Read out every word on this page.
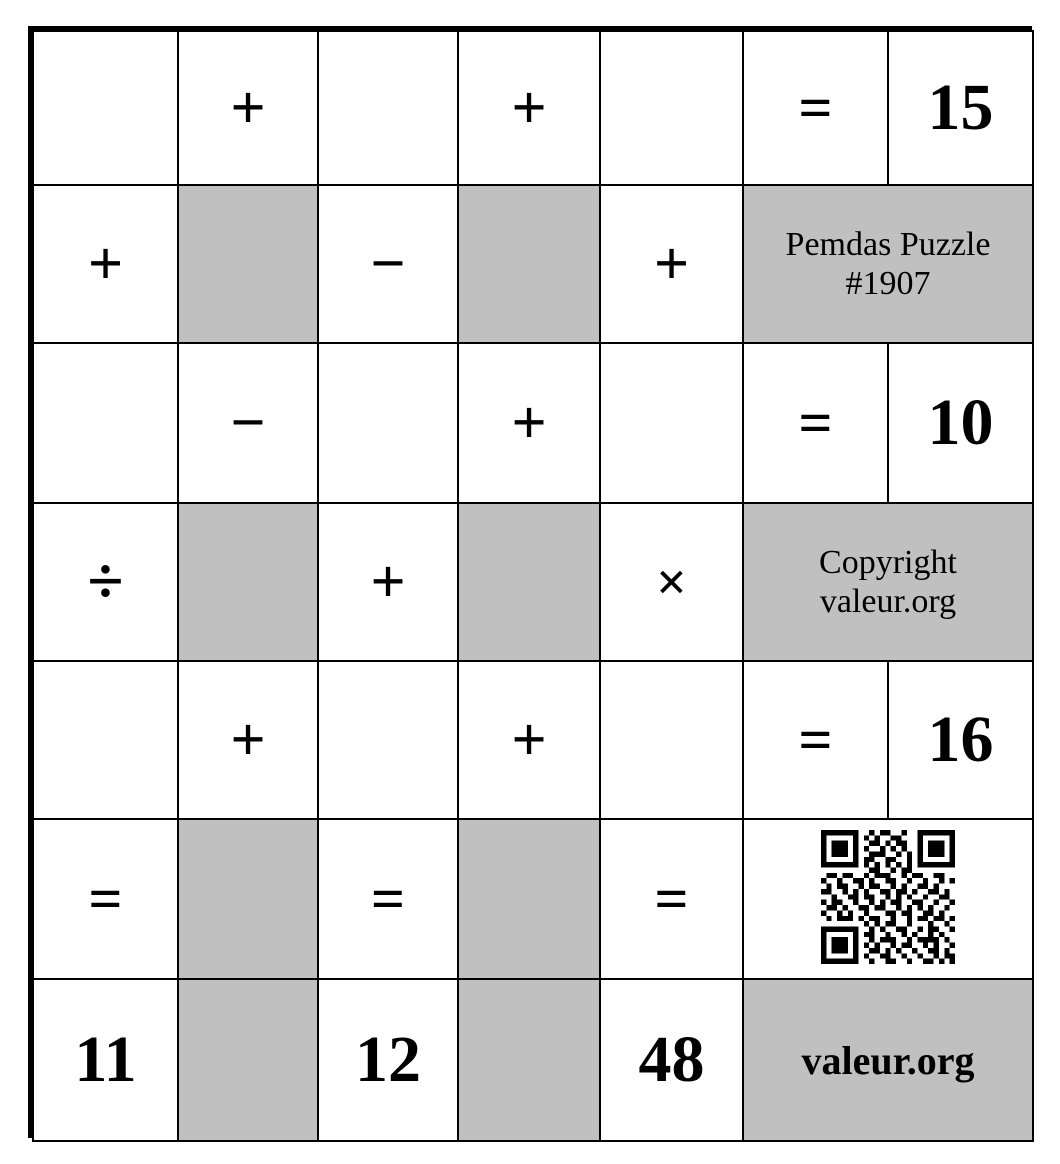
	+		+		=	15
+		−		+	Pemdas Puzzle #1907	

	−		+		=	10
÷		+		×	Copyright
valeur.org	

	+		+		=	16
=		=		=	
11		12		48	valeur.org	
